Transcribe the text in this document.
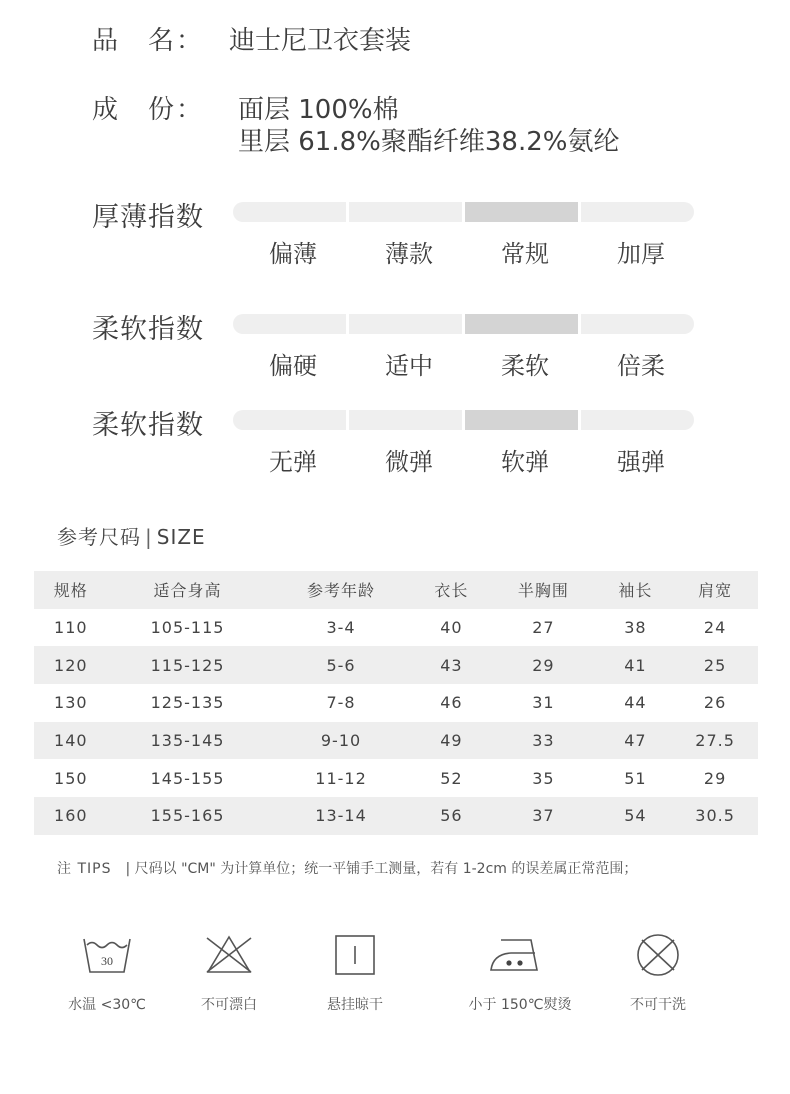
品　名： 迪士尼卫衣套装
成　份： 面层 100%棉
里层 61.8%聚酯纤维38.2%氨纶
厚薄指数
偏薄	薄款	常规	加厚
柔软指数
偏硬	适中	柔软	倍柔
柔软指数
无弹	微弹	软弹	强弹
参考尺码 | SIZE
规格	适合身高	参考年龄	衣长	半胸围	袖长	肩宽
110	105-115	3-4	40	27	38	24
120	115-125	5-6	43	29	41	25
130	125-135	7-8	46	31	44	26
140	135-145	9-10	49	33	47	27.5
150	145-155	11-12	52	35	51	29
160	155-165	13-14	56	37	54	30.5
注 TIPS | 尺码以 "CM" 为计算单位；统一平铺手工测量，若有 1-2cm 的误差属正常范围；
30
水温 <30℃	不可漂白	悬挂晾干	小于 150℃熨烫	不可干洗
